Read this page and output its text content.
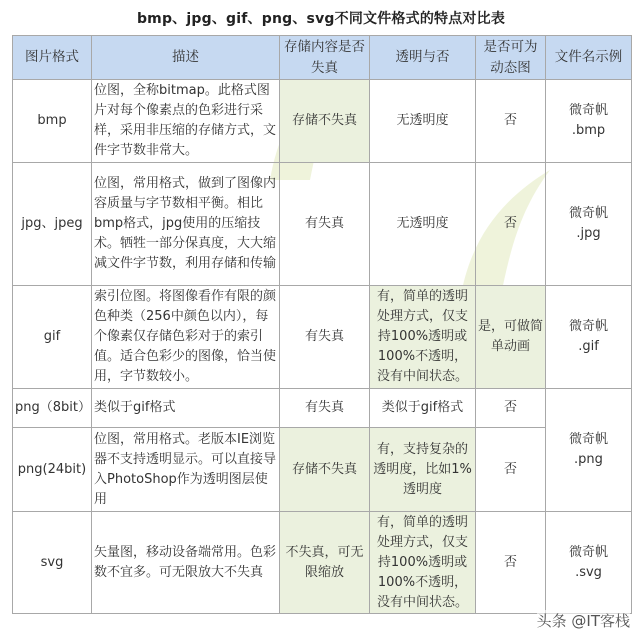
bmp、jpg、gif、png、svg不同文件格式的特点对比表
图片格式	描述	存储内容是否失真	透明与否	是否可为动态图	文件名示例
bmp	位图，全称bitmap。此格式图片对每个像素点的色彩进行采样，采用非压缩的存储方式，文件字节数非常大。	存储不失真	无透明度	否	微奇帆
.bmp

jpg、jpeg	位图，常用格式，做到了图像内容质量与字节数相平衡。相比bmp格式，jpg使用的压缩技术。牺牲一部分保真度，大大缩减文件字节数，利用存储和传输	有失真	无透明度	否	微奇帆
.jpg

gif	索引位图。将图像看作有限的颜色种类（256中颜色以内），每个像素仅存储色彩对于的索引值。适合色彩少的图像，恰当使用，字节数较小。	有失真	有，简单的透明处理方式，仅支持100%透明或100%不透明，没有中间状态。	是，可做简单动画	微奇帆
.gif

png（8bit）	类似于gif格式	有失真	类似于gif格式	否	微奇帆
.png

png(24bit)	位图，常用格式。老版本IE浏览器不支持透明显示。可以直接导入PhotoShop作为透明图层使用	存储不失真	有，支持复杂的透明度，比如1%透明度	否	
svg	矢量图，移动设备端常用。色彩数不宜多。可无限放大不失真	不失真，可无限缩放	有，简单的透明处理方式，仅支持100%透明或100%不透明，没有中间状态。	否	微奇帆
.svg
头条 @IT客栈
